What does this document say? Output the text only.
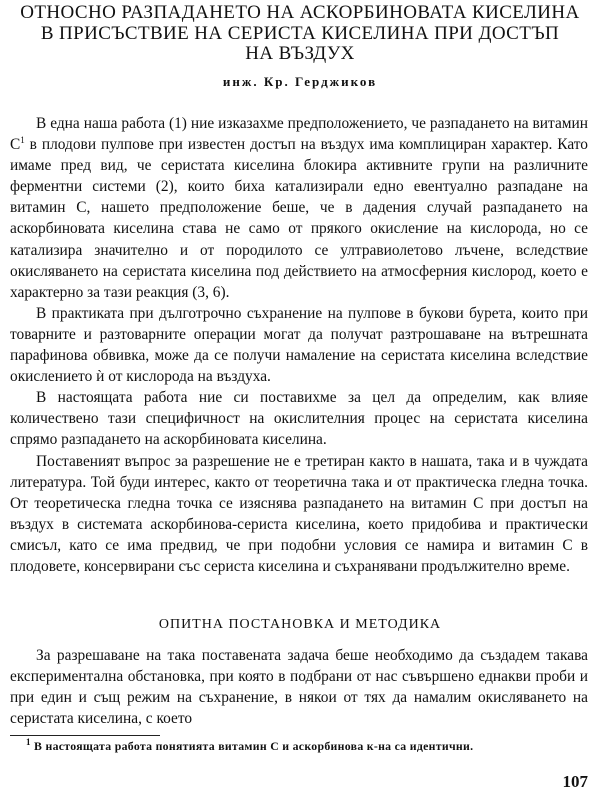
ОТНОСНО РАЗПАДАНЕТО НА АСКОРБИНОВАТА КИСЕЛИНА
В ПРИСЪСТВИЕ НА СЕРИСТА КИСЕЛИНА ПРИ ДОСТЪП
НА ВЪЗДУХ
инж. Кр. Герджиков

В една наша работа (1) ние изказахме предположението, че разпадането на витамин $С^1$ в плодови пулпове при известен достъп на въздух има комплициран характер. Като имаме пред вид, че серистата киселина блокира активните групи на различните ферментни системи (2), които биха катализирали едно евентуално разпадане на витамин С, нашето предположение беше, че в дадения случай разпадането на аскорбиновата киселина става не само от прякого окисление на кислорода, но се катализира значително и от породилото се ултравиолетово лъчене, вследствие окисляването на серистата киселина под действието на атмосферния кислород, което е характерно за тази реакция (3, 6).

В практиката при дълготрочно съхранение на пулпове в букови бурета, които при товарните и разтоварните операции могат да получат разтрошаване на вътрешната парафинова обвивка, може да се получи намаление на серистата киселина вследствие окислението ѝ от кислорода на въздуха.

В настоящата работа ние си поставихме за цел да определим, как влияе количествено тази специфичност на окислителния процес на серистата киселина спрямо разпадането на аскорбиновата киселина.

Поставеният въпрос за разрешение не е третиран както в нашата, така и в чуждата литература. Той буди интерес, както от теоретична така и от практическа гледна точка. От теоретическа гледна точка се изяснява разпадането на витамин С при достъп на въздух в системата аскорбинова-сериста киселина, което придобива и практически смисъл, като се има предвид, че при подобни условия се намира и витамин С в плодовете, консервирани със сериста киселина и съхранявани продължително време.

ОПИТНА ПОСТАНОВКА И МЕТОДИКА

За разрешаване на така поставената задача беше необходимо да създадем такава експериментална обстановка, при която в подбрани от нас съвършено еднакви проби и при един и същ режим на съхранение, в някои от тях да намалим окисляването на серистата киселина, с което

$^1$ В настоящата работа понятията витамин С и аскорбинова к-на са идентични.

107
